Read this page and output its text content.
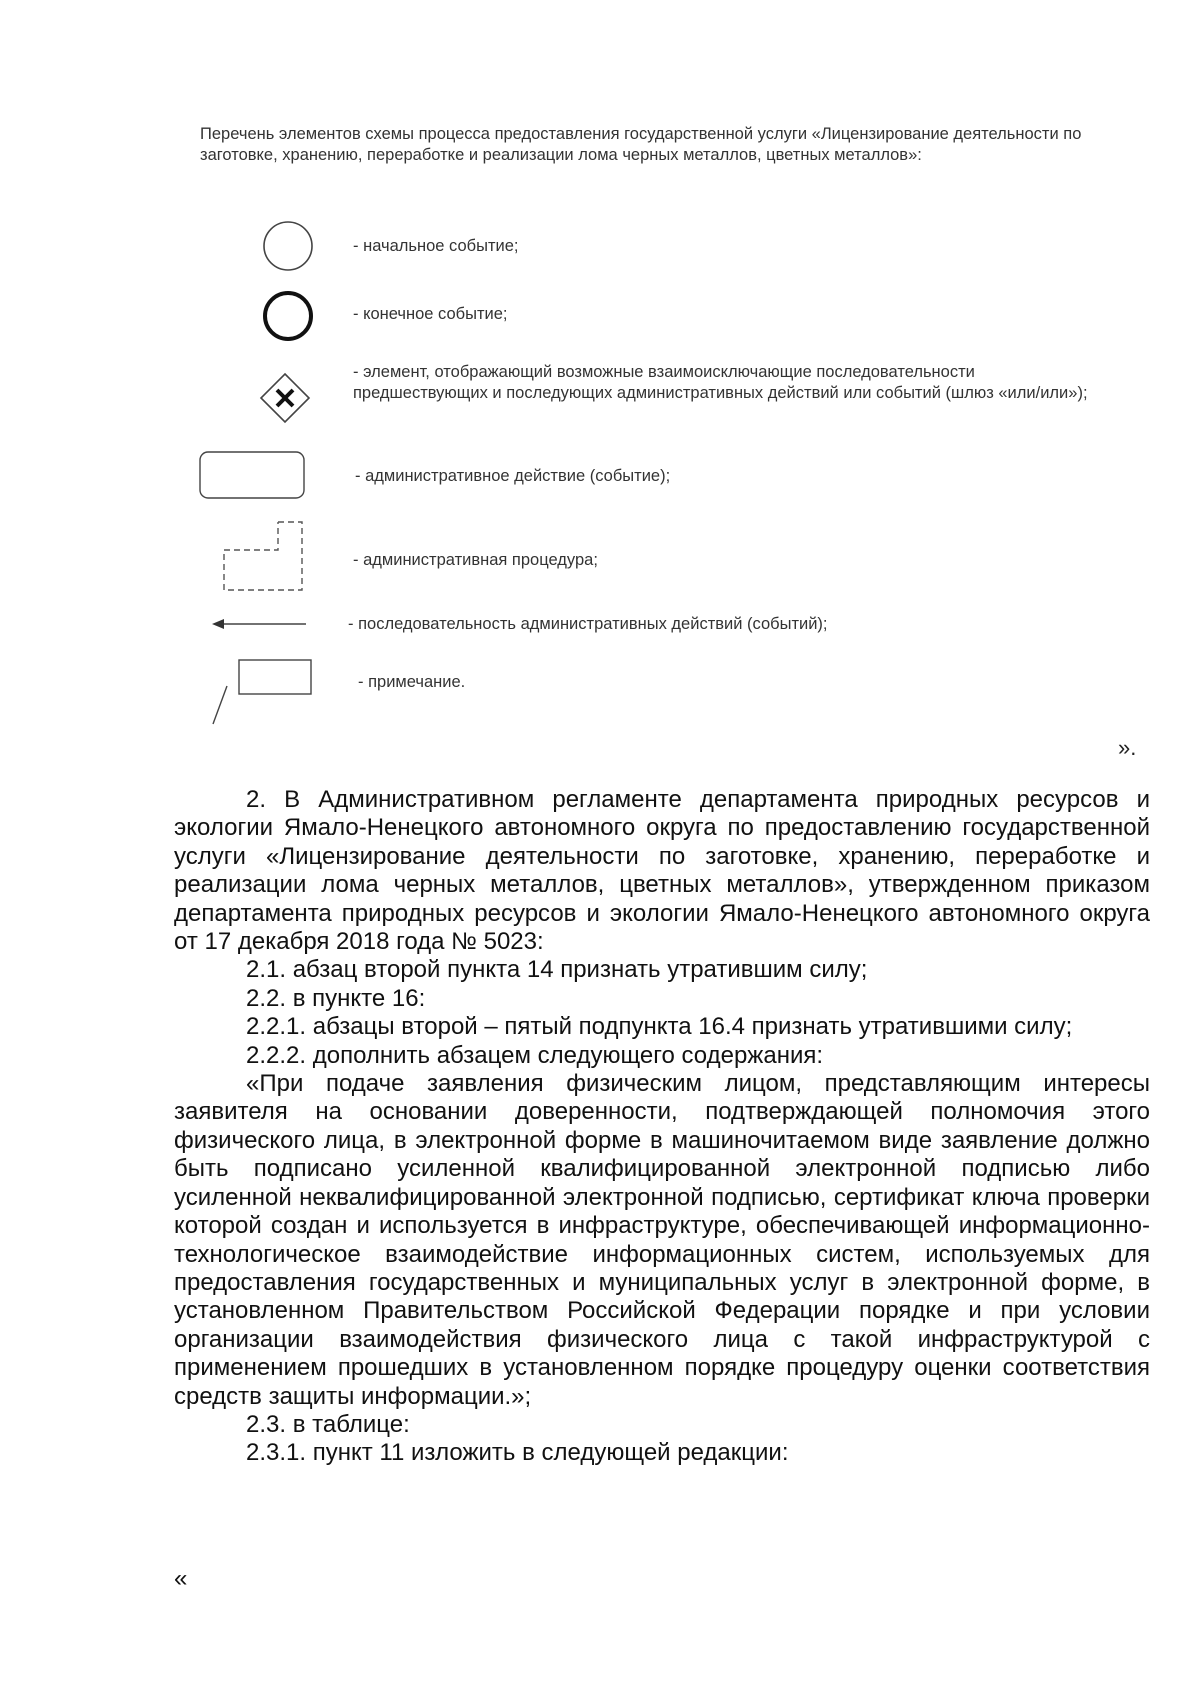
Перечень элементов схемы процесса предоставления государственной услуги «Лицензирование деятельности по заготовке, хранению, переработке и реализации лома черных металлов, цветных металлов»:
- начальное событие;
- конечное событие;
- элемент, отображающий возможные взаимоисключающие последовательности предшествующих и последующих административных действий или событий (шлюз «или/или»);
- административное действие (событие);
- административная процедура;
- последовательность административных действий (событий);
- примечание.
».

2. В Административном регламенте департамента природных ресурсов и экологии Ямало-Ненецкого автономного округа по предоставлению государственной услуги «Лицензирование деятельности по заготовке, хранению, переработке и реализации лома черных металлов, цветных металлов», утвержденном приказом департамента природных ресурсов и экологии Ямало-Ненецкого автономного округа от 17 декабря 2018 года № 5023:

2.1. абзац второй пункта 14 признать утратившим силу;

2.2. в пункте 16:

2.2.1. абзацы второй – пятый подпункта 16.4 признать утратившими силу;

2.2.2. дополнить абзацем следующего содержания:

«При подаче заявления физическим лицом, представляющим интересы заявителя на основании доверенности, подтверждающей полномочия этого физического лица, в электронной форме в машиночитаемом виде заявление должно быть подписано усиленной квалифицированной электронной подписью либо усиленной неквалифицированной электронной подписью, сертификат ключа проверки которой создан и используется в инфраструктуре, обеспечивающей информационно-технологическое взаимодействие информационных систем, используемых для предоставления государственных и муниципальных услуг в электронной форме, в установленном Правительством Российской Федерации порядке и при условии организации взаимодействия физического лица с такой инфраструктурой с применением прошедших в установленном порядке процедуру оценки соответствия средств защиты информации.»;

2.3. в таблице:

2.3.1. пункт 11 изложить в следующей редакции:

«
